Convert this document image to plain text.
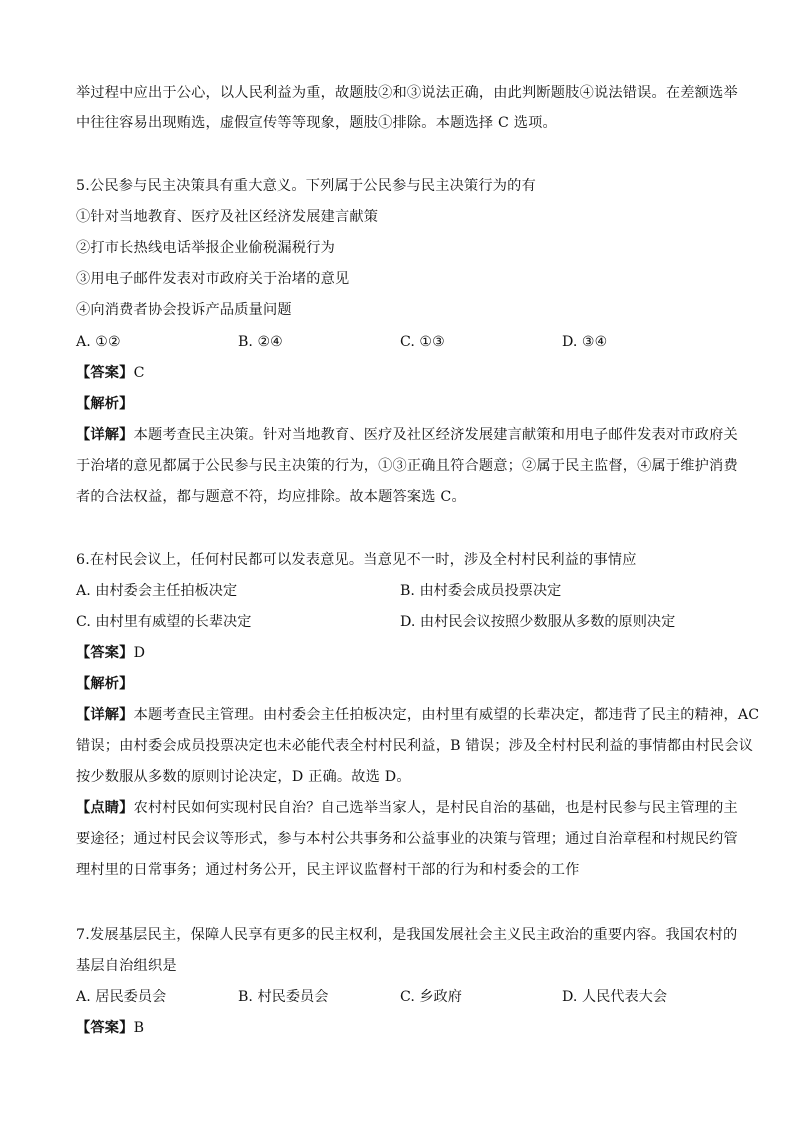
举过程中应出于公心，以人民利益为重，故题肢②和③说法正确，由此判断题肢④说法错误。在差额选举
中往往容易出现贿选，虚假宣传等等现象，题肢①排除。本题选择 C 选项。
5.公民参与民主决策具有重大意义。下列属于公民参与民主决策行为的有
①针对当地教育、医疗及社区经济发展建言献策
②打市长热线电话举报企业偷税漏税行为
③用电子邮件发表对市政府关于治堵的意见
④向消费者协会投诉产品质量问题
A. ①②	B. ②④	C. ①③	D. ③④
【答案】C
【解析】
【详解】本题考查民主决策。针对当地教育、医疗及社区经济发展建言献策和用电子邮件发表对市政府关
于治堵的意见都属于公民参与民主决策的行为，①③正确且符合题意；②属于民主监督，④属于维护消费
者的合法权益，都与题意不符，均应排除。故本题答案选 C。
6.在村民会议上，任何村民都可以发表意见。当意见不一时，涉及全村村民利益的事情应
A. 由村委会主任拍板决定	B. 由村委会成员投票决定
C. 由村里有威望的长辈决定	D. 由村民会议按照少数服从多数的原则决定
【答案】D
【解析】
【详解】本题考查民主管理。由村委会主任拍板决定，由村里有威望的长辈决定，都违背了民主的精神，AC
错误；由村委会成员投票决定也未必能代表全村村民利益，B 错误；涉及全村村民利益的事情都由村民会议
按少数服从多数的原则讨论决定，D 正确。故选 D。
【点睛】农村村民如何实现村民自治？自己选举当家人，是村民自治的基础，也是村民参与民主管理的主
要途径；通过村民会议等形式，参与本村公共事务和公益事业的决策与管理；通过自治章程和村规民约管
理村里的日常事务；通过村务公开，民主评议监督村干部的行为和村委会的工作
7.发展基层民主，保障人民享有更多的民主权利，是我国发展社会主义民主政治的重要内容。我国农村的
基层自治组织是
A. 居民委员会	B. 村民委员会	C. 乡政府	D. 人民代表大会
【答案】B
